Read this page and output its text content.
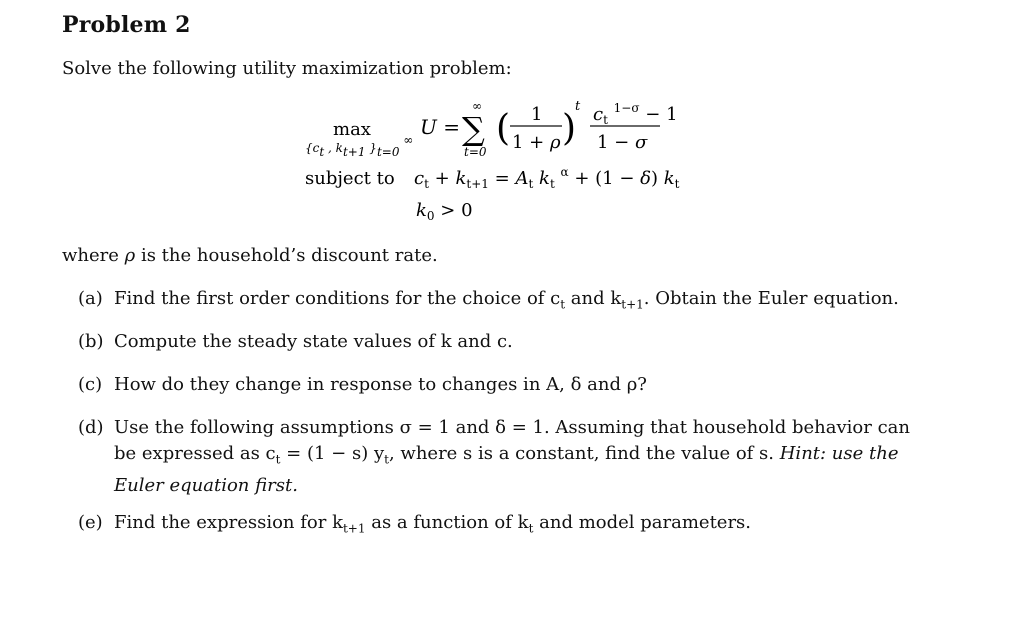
Problem 2
Solve the following utility maximization problem:
max
{ct , kt+1 }t=0 ∞
U =
∞
∑
t=0
( 1
1 + ρ )
t $c_t$ $^{1-\sigma}$ − 1
1 − σ
subject to $c_t + k_{t+1} = A_t$ $k_t$ $^\alpha$ + (1 − δ) $k_t$
$k_0 > 0$
where ρ is the household’s discount rate.
(a) Find the first order conditions for the choice of $c_t$ and $k_{t+1}$. Obtain the Euler equation.
(b) Compute the steady state values of k and c.
(c) How do they change in response to changes in A, δ and ρ?
(d) Use the following assumptions σ = 1 and δ = 1. Assuming that household behavior can be expressed as $c_t = (1 - s)$ $y_t$, where s is a constant, find the value of s. Hint: use the Euler equation first.
(e) Find the expression for $k_{t+1}$ as a function of $k_t$ and model parameters.
